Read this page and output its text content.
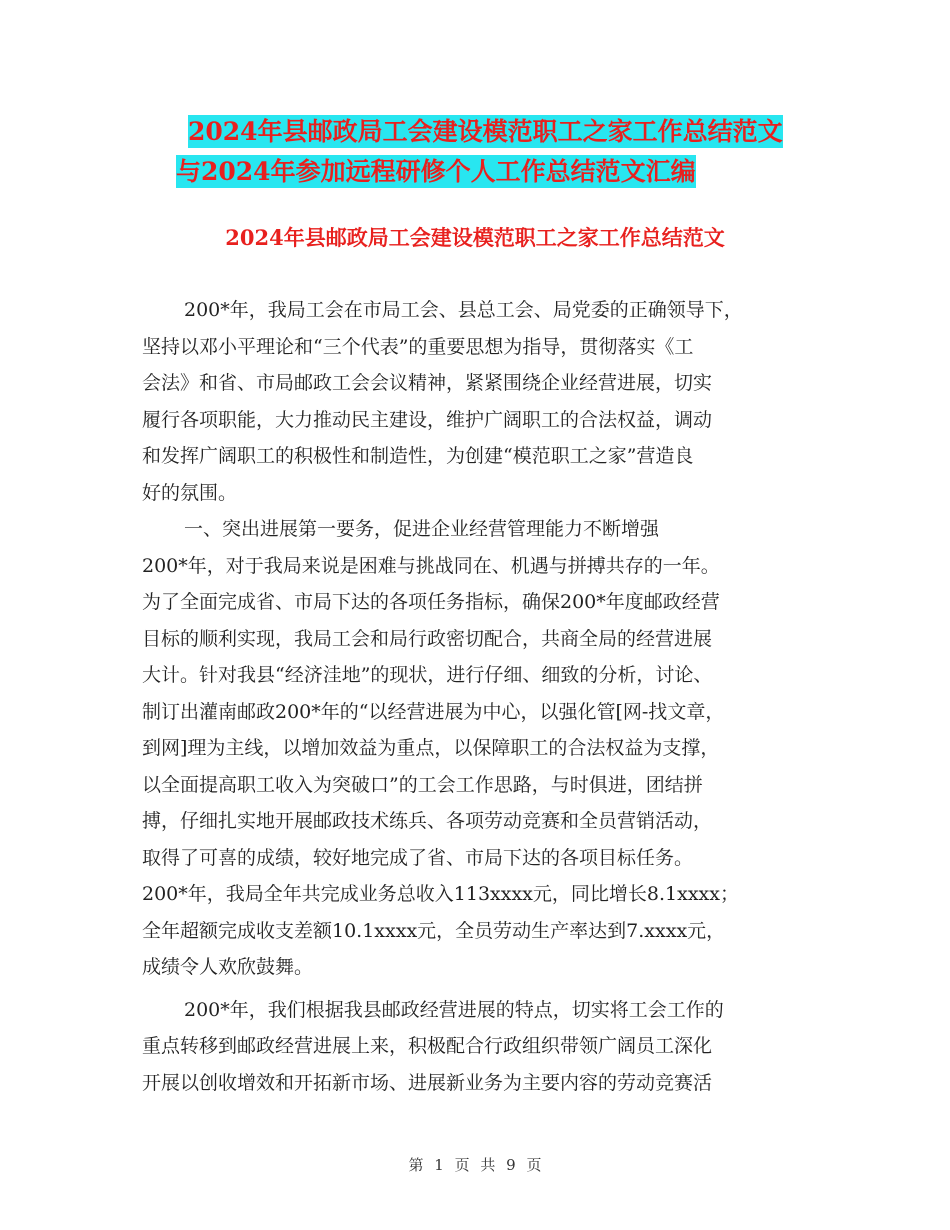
2024年县邮政局工会建设模范职工之家工作总结范文
与2024年参加远程研修个人工作总结范文汇编
2024年县邮政局工会建设模范职工之家工作总结范文
200*年，我局工会在市局工会、县总工会、局党委的正确领导下，
坚持以邓小平理论和“三个代表”的重要思想为指导，贯彻落实《工
会法》和省、市局邮政工会会议精神，紧紧围绕企业经营进展，切实
履行各项职能，大力推动民主建设，维护广阔职工的合法权益，调动
和发挥广阔职工的积极性和制造性，为创建“模范职工之家”营造良
好的氛围。
一、突出进展第一要务，促进企业经营管理能力不断增强
200*年，对于我局来说是困难与挑战同在、机遇与拼搏共存的一年。
为了全面完成省、市局下达的各项任务指标，确保200*年度邮政经营
目标的顺利实现，我局工会和局行政密切配合，共商全局的经营进展
大计。针对我县“经济洼地”的现状，进行仔细、细致的分析，讨论、
制订出灌南邮政200*年的“以经营进展为中心，以强化管[网-找文章，
到网]理为主线，以增加效益为重点，以保障职工的合法权益为支撑，
以全面提高职工收入为突破口”的工会工作思路，与时俱进，团结拼
搏，仔细扎实地开展邮政技术练兵、各项劳动竞赛和全员营销活动，
取得了可喜的成绩，较好地完成了省、市局下达的各项目标任务。
200*年，我局全年共完成业务总收入113xxxx元，同比增长8.1xxxx；
全年超额完成收支差额10.1xxxx元，全员劳动生产率达到7.xxxx元，
成绩令人欢欣鼓舞。
200*年，我们根据我县邮政经营进展的特点，切实将工会工作的
重点转移到邮政经营进展上来，积极配合行政组织带领广阔员工深化
开展以创收增效和开拓新市场、进展新业务为主要内容的劳动竞赛活
第 1 页 共 9 页
